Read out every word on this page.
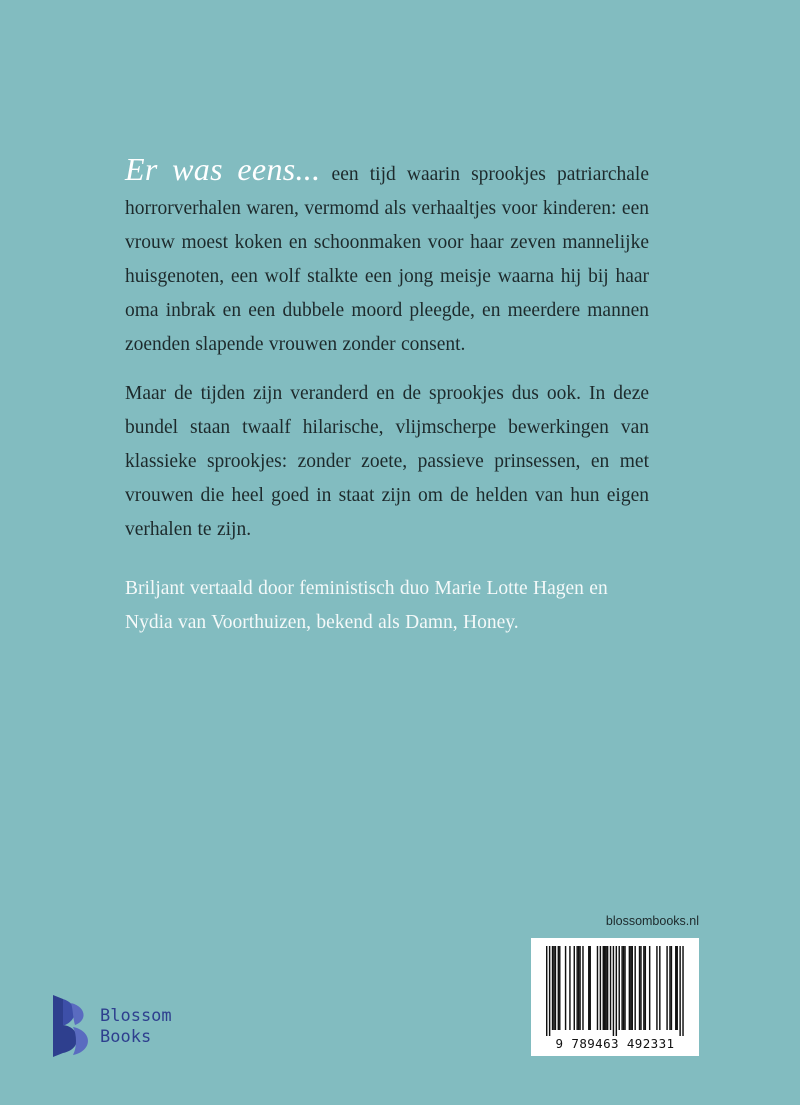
Er was eens... een tijd waarin sprookjes patriarchale horrorverhalen waren, vermomd als verhaaltjes voor kinderen: een vrouw moest koken en schoonmaken voor haar zeven mannelijke huisgenoten, een wolf stalkte een jong meisje waarna hij bij haar oma inbrak en een dubbele moord pleegde, en meerdere mannen zoenden slapende vrouwen zonder consent.

Maar de tijden zijn veranderd en de sprookjes dus ook. In deze bundel staan twaalf hilarische, vlijmscherpe bewerkingen van klassieke sprookjes: zonder zoete, passieve prinsessen, en met vrouwen die heel goed in staat zijn om de helden van hun eigen verhalen te zijn.

Briljant vertaald door feministisch duo Marie Lotte Hagen en Nydia van Voorthuizen, bekend als Damn, Honey.

blossombooks.nl
9 789463 492331
Blossom
Books
